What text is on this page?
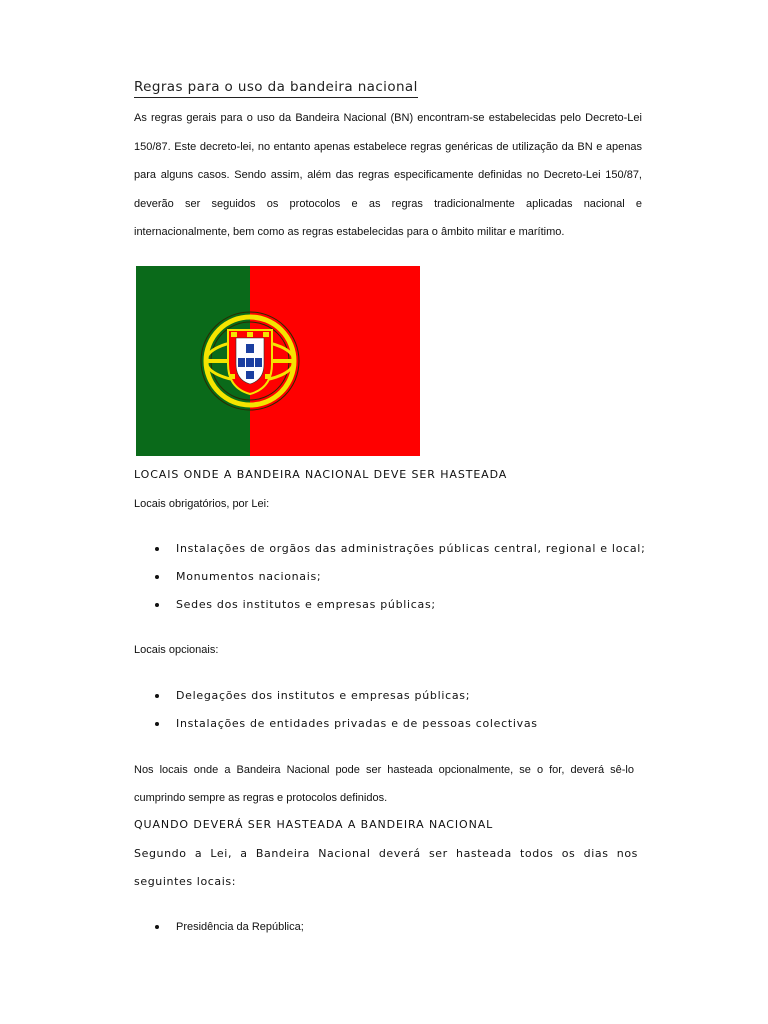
Regras para o uso da bandeira nacional
As regras gerais para o uso da Bandeira Nacional (BN) encontram-se estabelecidas pelo Decreto-Lei 150/87. Este decreto-lei, no entanto apenas estabelece regras genéricas de utilização da BN e apenas para alguns casos. Sendo assim, além das regras especificamente definidas no Decreto-Lei 150/87, deverão ser seguidos os protocolos e as regras tradicionalmente aplicadas nacional e internacionalmente, bem como as regras estabelecidas para o âmbito militar e marítimo.
LOCAIS ONDE A BANDEIRA NACIONAL DEVE SER HASTEADA
Locais obrigatórios, por Lei:
Instalações de orgãos das administrações públicas central, regional e local;
Monumentos nacionais;
Sedes dos institutos e empresas públicas;
Locais opcionais:
Delegações dos institutos e empresas públicas;
Instalações de entidades privadas e de pessoas colectivas
Nos locais onde a Bandeira Nacional pode ser hasteada opcionalmente, se o for, deverá sê-lo cumprindo sempre as regras e protocolos definidos.
QUANDO DEVERÁ SER HASTEADA A BANDEIRA NACIONAL
Segundo a Lei, a Bandeira Nacional deverá ser hasteada todos os dias nos seguintes locais:
Presidência da República;
